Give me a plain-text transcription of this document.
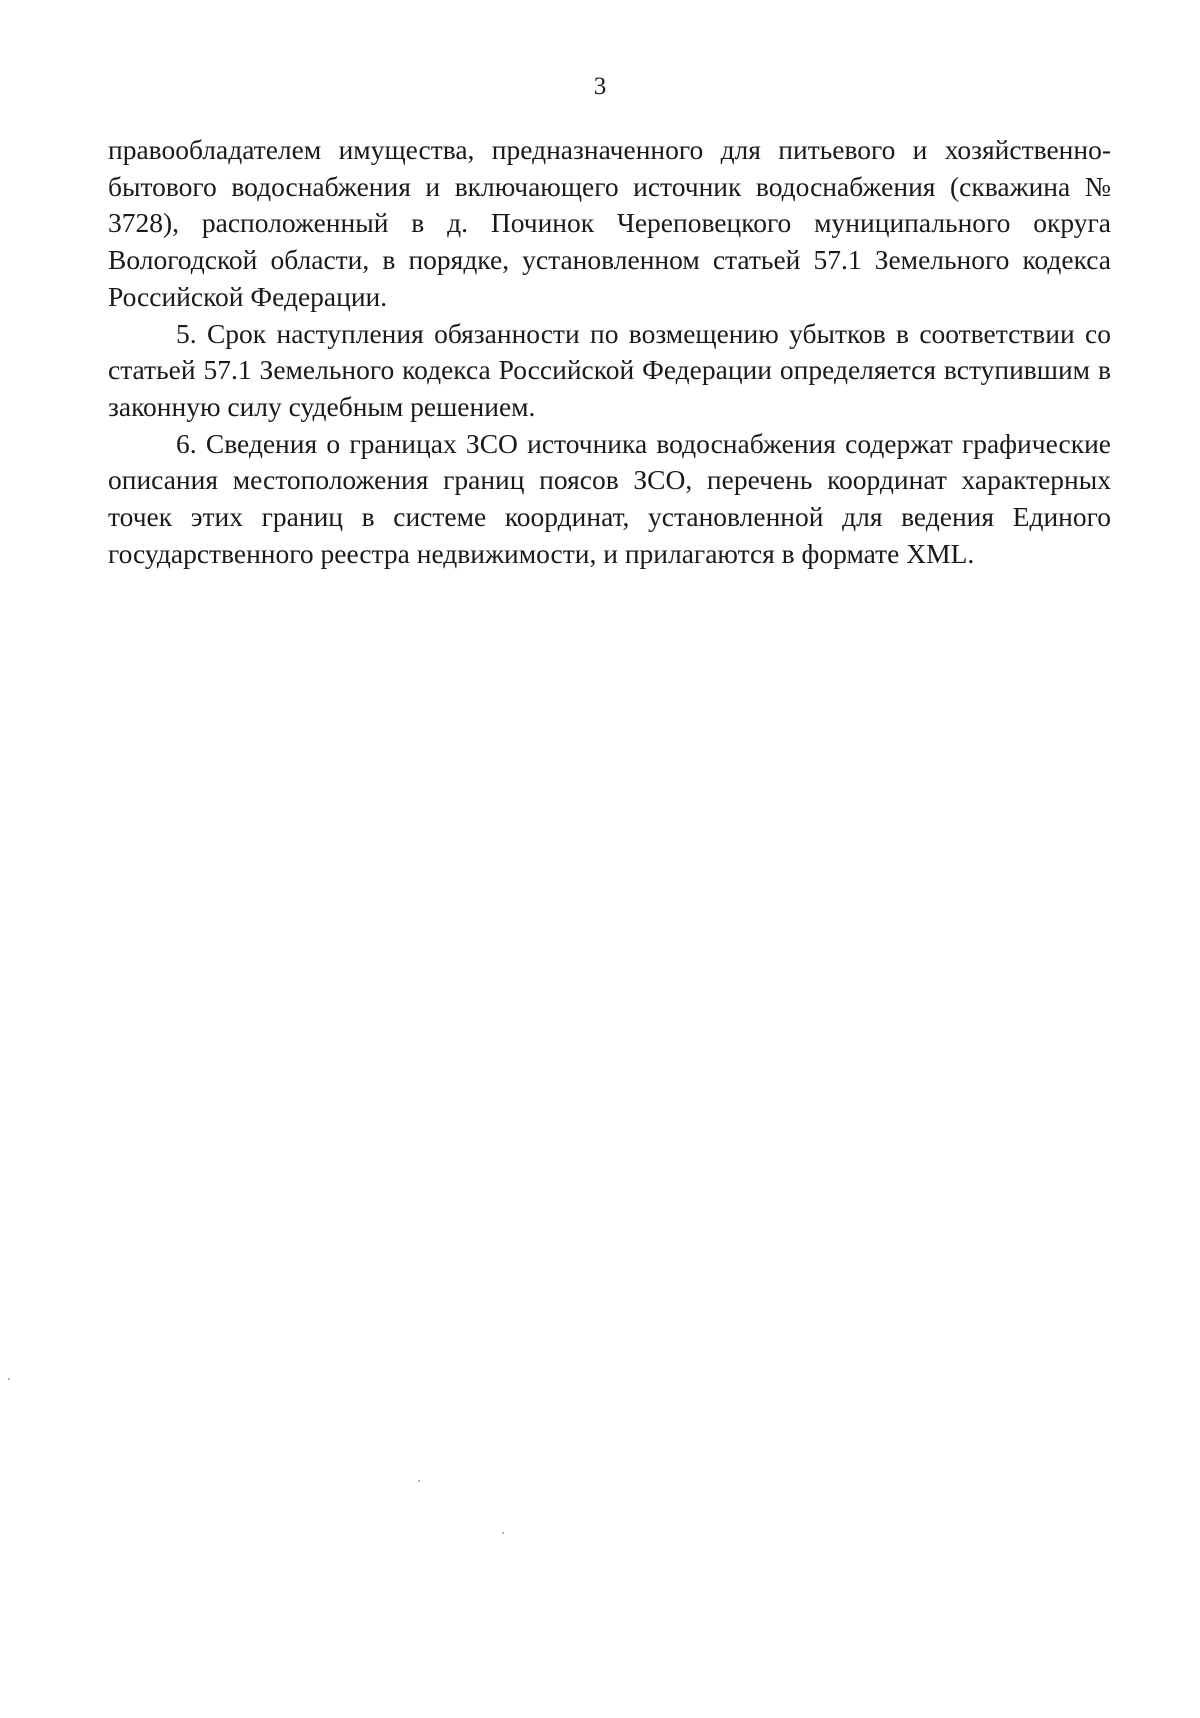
3

правообладателем имущества, предназначенного для питьевого и хозяйственно-бытового водоснабжения и включающего источник водоснабжения (скважина № 3728), расположенный в д. Починок Череповецкого муниципального округа Вологодской области, в порядке, установленном статьей 57.1 Земельного кодекса Российской Федерации.

5. Срок наступления обязанности по возмещению убытков в соответствии со статьей 57.1 Земельного кодекса Российской Федерации определяется вступившим в законную силу судебным решением.

6. Сведения о границах ЗСО источника водоснабжения содержат графические описания местоположения границ поясов ЗСО, перечень координат характерных точек этих границ в системе координат, установленной для ведения Единого государственного реестра недвижимости, и прилагаются в формате XML.
